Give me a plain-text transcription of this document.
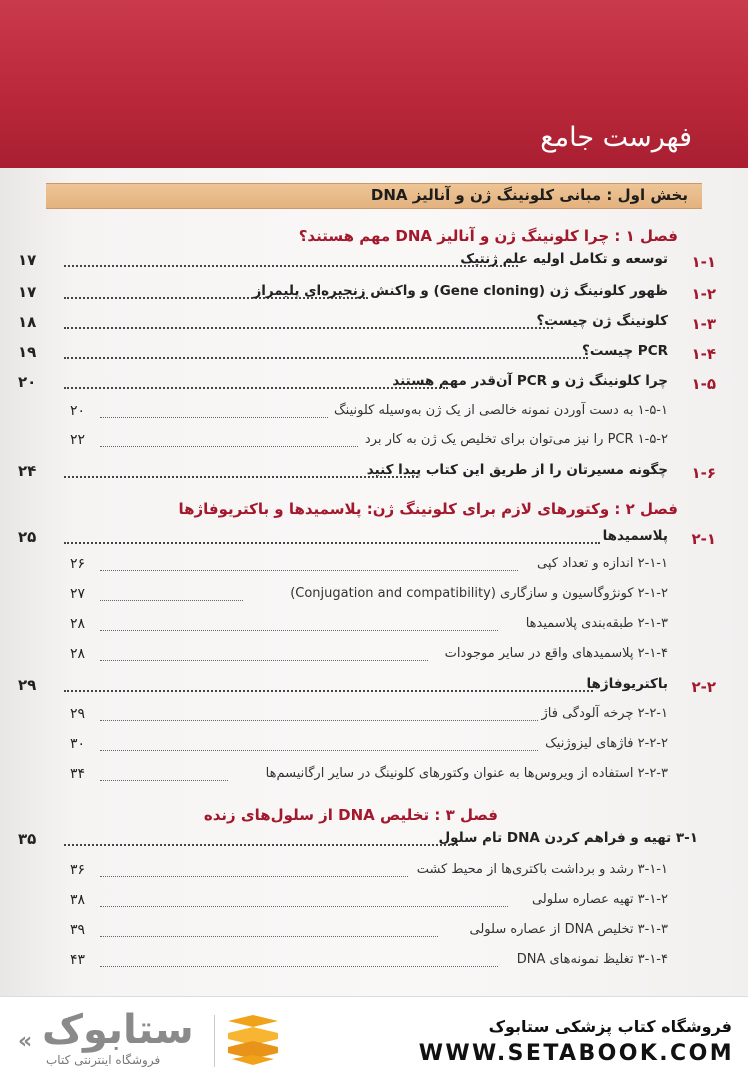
فهرست جامع
بخش اول : مبانی کلونینگ ژن و آنالیز DNA
فصل ۱ : چرا کلونینگ ژن و آنالیز DNA مهم هستند؟
۱۷	توسعه و تکامل اولیه علم ژنتیک ۱-۱
۱۷	ظهور کلونینگ ژن (Gene cloning) و واکنش زنجیره‌ای پلیمراز ۱-۲
۱۸	کلونینگ ژن چیست؟ ۱-۳
۱۹	PCR چیست؟ ۱-۴
۲۰	چرا کلونینگ ژن و PCR آن‌قدر مهم هستند ۱-۵
۲۰	۱-۵-۱ به دست آوردن نمونه خالصی از یک ژن به‌وسیله کلونینگ
۲۲	۱-۵-۲ PCR را نیز می‌توان برای تخلیص یک ژن به کار برد
۲۴	چگونه مسیرتان را از طریق این کتاب پیدا کنید ۱-۶
فصل ۲ : وکتورهای لازم برای کلونینگ ژن: پلاسمیدها و باکتریوفاژها
۲۵	پلاسمیدها ۲-۱
۲۶	۲-۱-۱ اندازه و تعداد کپی
۲۷	۲-۱-۲ کونژوگاسیون و سازگاری (Conjugation and compatibility)
۲۸	۲-۱-۳ طبقه‌بندی پلاسمیدها
۲۸	۲-۱-۴ پلاسمیدهای واقع در سایر موجودات
۲۹	باکتریوفاژها ۲-۲
۲۹	۲-۲-۱ چرخه آلودگی فاژ
۳۰	۲-۲-۲ فاژهای لیزوژنیک
۳۴	۲-۲-۳ استفاده از ویروس‌ها به عنوان وکتورهای کلونینگ در سایر ارگانیسم‌ها
فصل ۳ : تخلیص DNA از سلول‌های زنده
۳۵	۳-۱ تهیه و فراهم کردن DNA تام سلول
۳۶	۳-۱-۱ رشد و برداشت باکتری‌ها از محیط کشت
۳۸	۳-۱-۲ تهیه عصاره سلولی
۳۹	۳-۱-۳ تخلیص DNA از عصاره سلولی
۴۳	۳-۱-۴ تغلیظ نمونه‌های DNA
« ستابوک
فروشگاه اینترنتی کتاب
فروشگاه کتاب پزشکی ستابوک
WWW.SETABOOK.COM
